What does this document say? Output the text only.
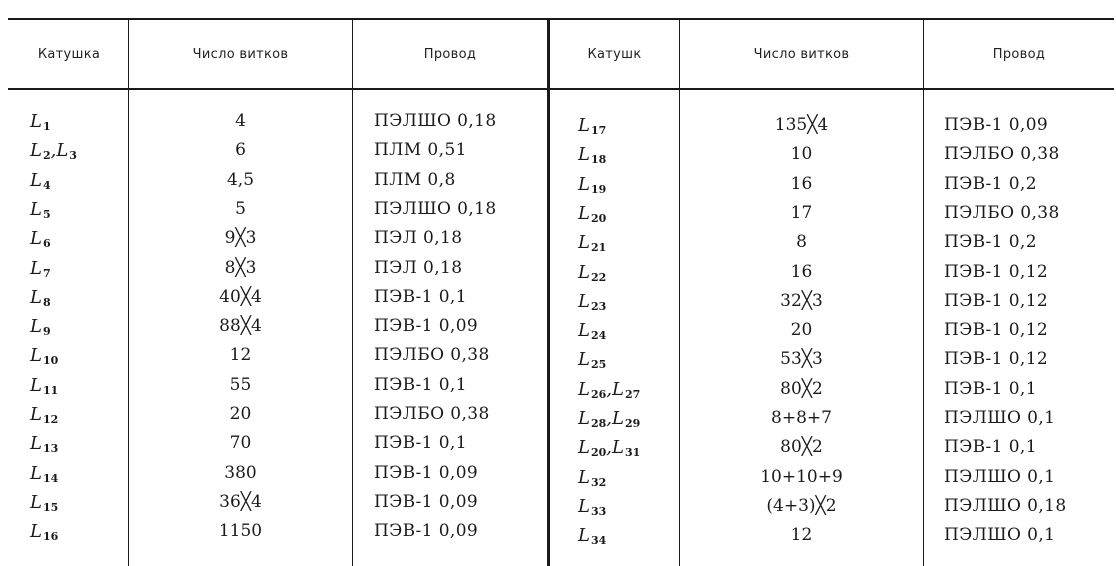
Катушка	Число витков	Провод	Катушк	Число витков	Провод
L 1	4	ПЭЛШО 0,18
L 2 , L 3	6	ПЛМ 0,51
L 4	4,5	ПЛМ 0,8
L 5	5	ПЭЛШО 0,18
L 6	9╳3	ПЭЛ 0,18
L 7	8╳3	ПЭЛ 0,18
L 8	40╳4	ПЭВ-1 0,1
L 9	88╳4	ПЭВ-1 0,09
L 10	12	ПЭЛБО 0,38
L 11	55	ПЭВ-1 0,1
L 12	20	ПЭЛБО 0,38
L 13	70	ПЭВ-1 0,1
L 14	380	ПЭВ-1 0,09
L 15	36╳4	ПЭВ-1 0,09
L 16	1150	ПЭВ-1 0,09
L 17	135╳4	ПЭВ-1 0,09
L 18	10	ПЭЛБО 0,38
L 19	16	ПЭВ-1 0,2
L 20	17	ПЭЛБО 0,38
L 21	8	ПЭВ-1 0,2
L 22	16	ПЭВ-1 0,12
L 23	32╳3	ПЭВ-1 0,12
L 24	20	ПЭВ-1 0,12
L 25	53╳3	ПЭВ-1 0,12
L 26 , L 27	80╳2	ПЭВ-1 0,1
L 28 , L 29	8+8+7	ПЭЛШО 0,1
L 20 , L 31	80╳2	ПЭВ-1 0,1
L 32	10+10+9	ПЭЛШО 0,1
L 33	(4+3)╳2	ПЭЛШО 0,18
L 34	12	ПЭЛШО 0,1
